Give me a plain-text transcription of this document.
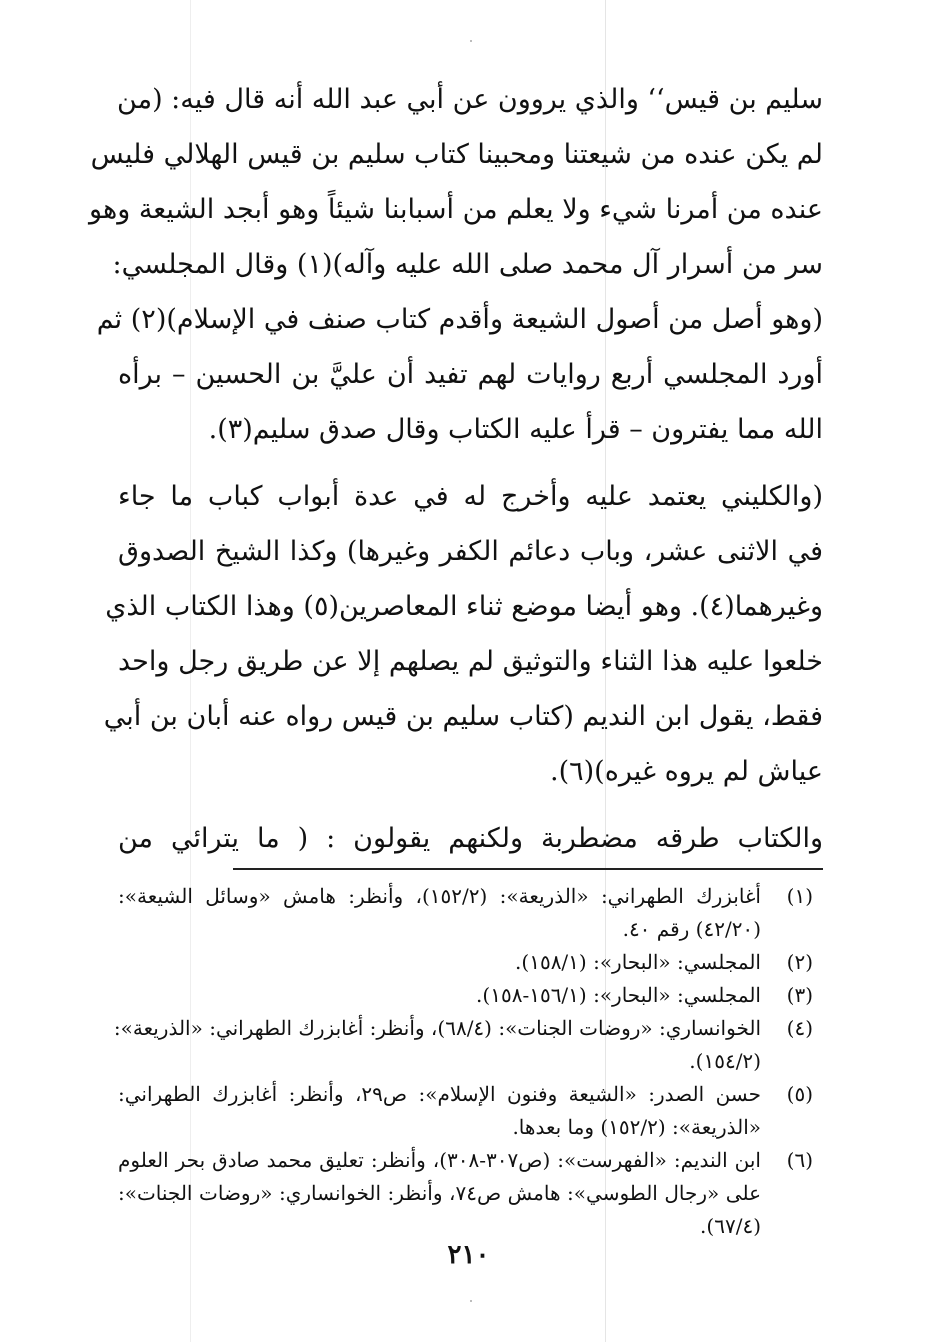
سليم بن قيس‘‘ والذي يروون عن أبي عبد الله أنه قال فيه: (من
لم يكن عنده من شيعتنا ومحبينا كتاب سليم بن قيس الهلالي فليس
عنده من أمرنا شيء ولا يعلم من أسبابنا شيئاً وهو أبجد الشيعة وهو
سر من أسرار آل محمد صلى الله عليه وآله)(١) وقال المجلسي:
(وهو أصل من أصول الشيعة وأقدم كتاب صنف في الإسلام)(٢) ثم
أورد المجلسي أربع روايات لهم تفيد أن عليَّ بن الحسين – برأه
الله مما يفترون – قرأ عليه الكتاب وقال صدق سليم(٣).
(والكليني يعتمد عليه وأخرج له في عدة أبواب كباب ما جاء
في الاثنى عشر، وباب دعائم الكفر وغيرها) وكذا الشيخ الصدوق
وغيرهما(٤). وهو أيضا موضع ثناء المعاصرين(٥) وهذا الكتاب الذي
خلعوا عليه هذا الثناء والتوثيق لم يصلهم إلا عن طريق رجل واحد
فقط، يقول ابن النديم (كتاب سليم بن قيس رواه عنه أبان بن أبي
عياش لم يروه غيره)(٦).
والكتاب طرقه مضطربة ولكنهم يقولون : ( ما يترائي من
(١)
أغابزرك الطهراني: «الذريعة»: (١٥٢/٢)، وأنظر: هامش «وسائل الشيعة»:
(٤٢/٢٠) رقم ٤٠.
(٢)
المجلسي: «البحار»: (١٥٨/١).
(٣)
المجلسي: «البحار»: (١٥٦/١-١٥٨).
(٤)
الخوانساري: «روضات الجنات»: (٦٨/٤)، وأنظر: أغابزرك الطهراني: «الذريعة»:
(١٥٤/٢).
(٥)
حسن الصدر: «الشيعة وفنون الإسلام»: ص٢٩، وأنظر: أغابزرك الطهراني:
«الذريعة»: (١٥٢/٢) وما بعدها.
(٦)
ابن النديم: «الفهرست»: (ص٣٠٧-٣٠٨)، وأنظر: تعليق محمد صادق بحر العلوم
على «رجال الطوسي»: هامش ص٧٤، وأنظر: الخوانساري: «روضات الجنات»:
(٦٧/٤).
٢١٠
